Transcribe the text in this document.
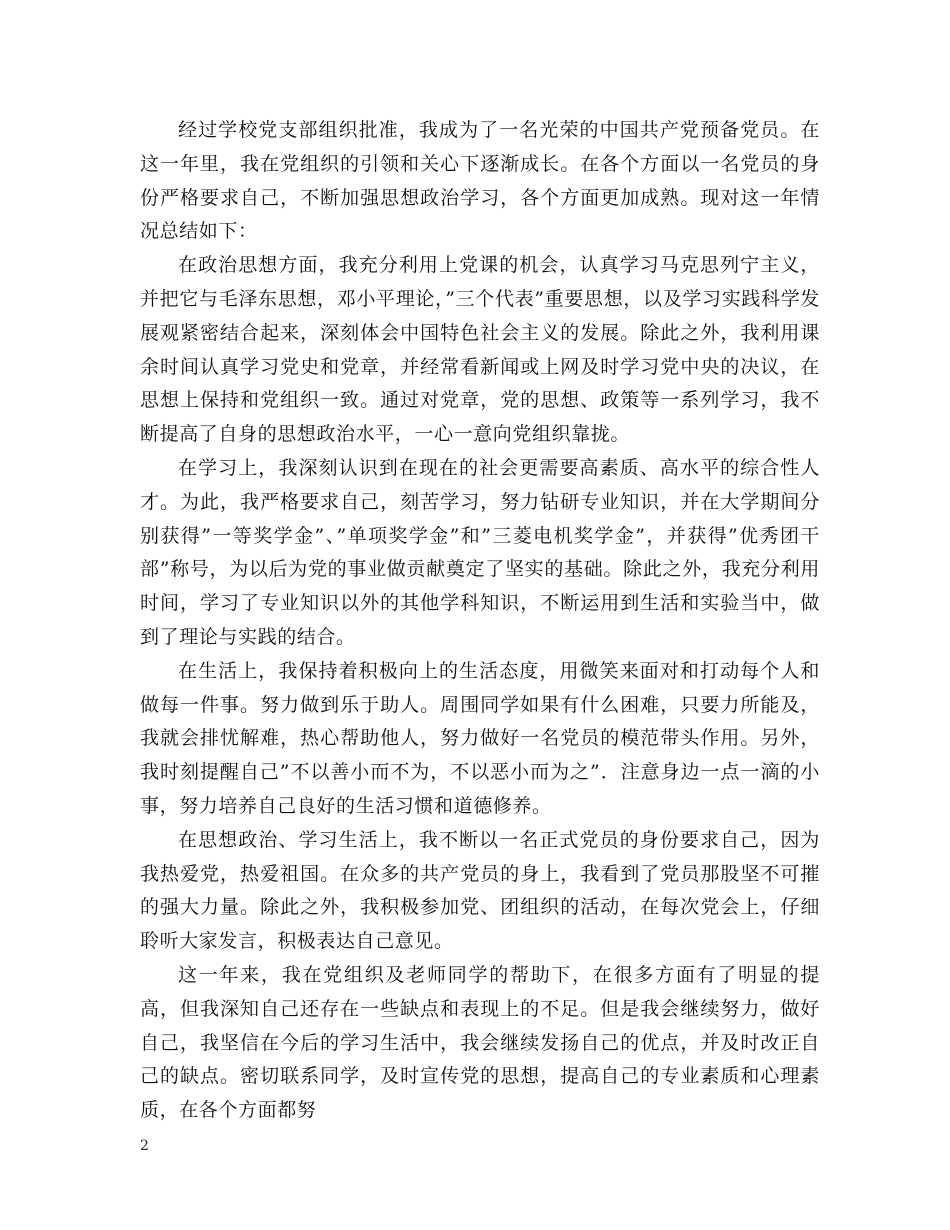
经过学校党支部组织批准，我成为了一名光荣的中国共产党预备党员。在这一年里，我在党组织的引领和关心下逐渐成长。在各个方面以一名党员的身份严格要求自己，不断加强思想政治学习，各个方面更加成熟。现对这一年情况总结如下：

在政治思想方面，我充分利用上党课的机会，认真学习马克思列宁主义，并把它与毛泽东思想，邓小平理论，”三个代表”重要思想，以及学习实践科学发展观紧密结合起来，深刻体会中国特色社会主义的发展。除此之外，我利用课余时间认真学习党史和党章，并经常看新闻或上网及时学习党中央的决议，在思想上保持和党组织一致。通过对党章，党的思想、政策等一系列学习，我不断提高了自身的思想政治水平，一心一意向党组织靠拢。

在学习上，我深刻认识到在现在的社会更需要高素质、高水平的综合性人才。为此，我严格要求自己，刻苦学习，努力钻研专业知识，并在大学期间分别获得”一等奖学金”、”单项奖学金”和”三菱电机奖学金”，并获得”优秀团干部”称号，为以后为党的事业做贡献奠定了坚实的基础。除此之外，我充分利用时间，学习了专业知识以外的其他学科知识，不断运用到生活和实验当中，做到了理论与实践的结合。

在生活上，我保持着积极向上的生活态度，用微笑来面对和打动每个人和做每一件事。努力做到乐于助人。周围同学如果有什么困难，只要力所能及，我就会排忧解难，热心帮助他人，努力做好一名党员的模范带头作用。另外，我时刻提醒自己”不以善小而不为，不以恶小而为之”．注意身边一点一滴的小事，努力培养自己良好的生活习惯和道德修养。

在思想政治、学习生活上，我不断以一名正式党员的身份要求自己，因为我热爱党，热爱祖国。在众多的共产党员的身上，我看到了党员那股坚不可摧的强大力量。除此之外，我积极参加党、团组织的活动，在每次党会上，仔细聆听大家发言，积极表达自己意见。

这一年来，我在党组织及老师同学的帮助下，在很多方面有了明显的提高，但我深知自己还存在一些缺点和表现上的不足。但是我会继续努力，做好自己，我坚信在今后的学习生活中，我会继续发扬自己的优点，并及时改正自己的缺点。密切联系同学，及时宣传党的思想，提高自己的专业素质和心理素质，在各个方面都努

2
